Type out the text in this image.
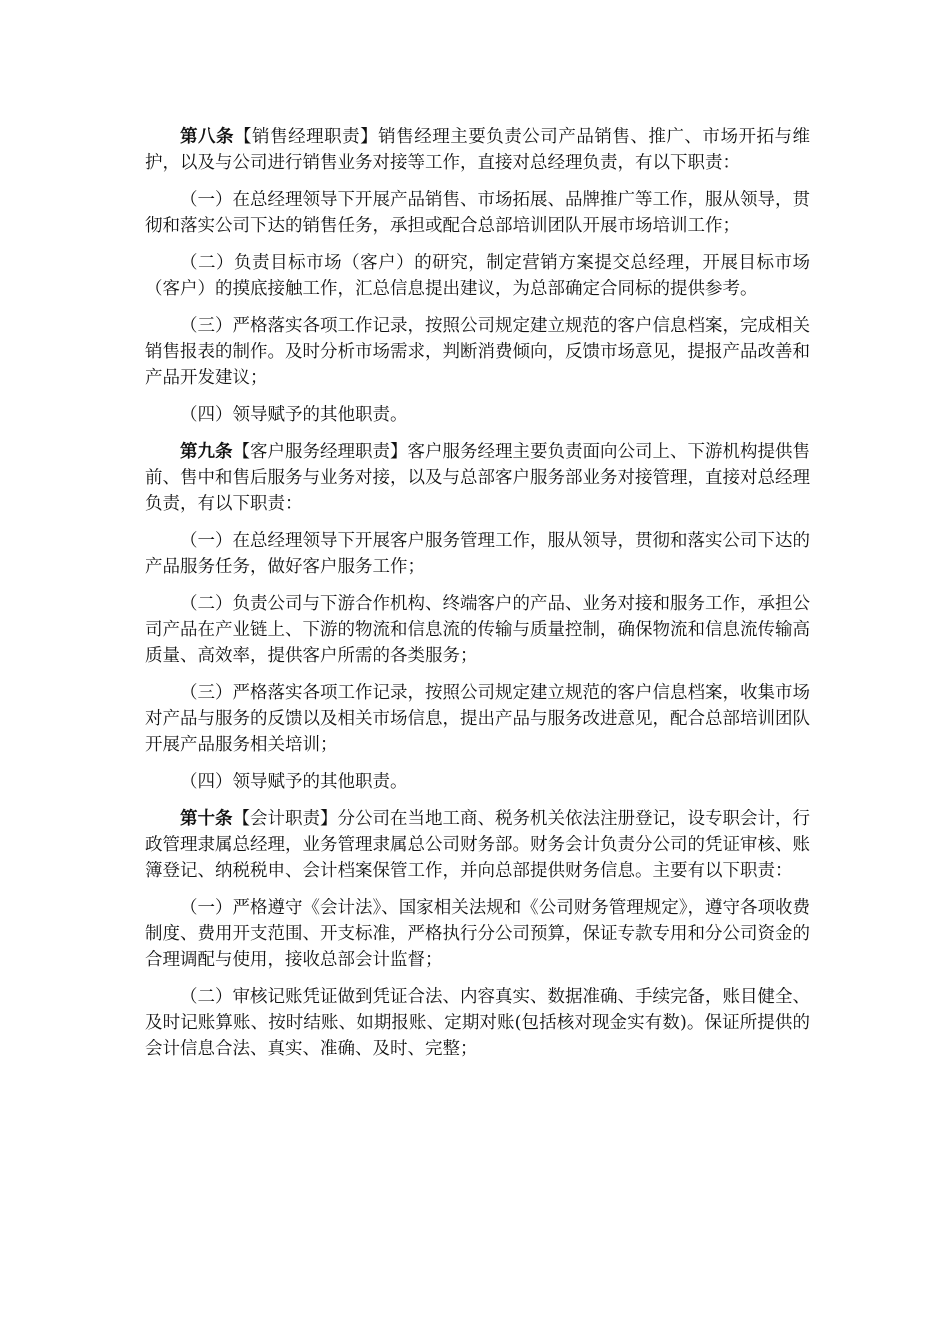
第八条【销售经理职责】销售经理主要负责公司产品销售、推广、市场开拓与维护，以及与公司进行销售业务对接等工作，直接对总经理负责，有以下职责：

（一）在总经理领导下开展产品销售、市场拓展、品牌推广等工作，服从领导，贯彻和落实公司下达的销售任务，承担或配合总部培训团队开展市场培训工作；

（二）负责目标市场（客户）的研究，制定营销方案提交总经理，开展目标市场（客户）的摸底接触工作，汇总信息提出建议，为总部确定合同标的提供参考。

（三）严格落实各项工作记录，按照公司规定建立规范的客户信息档案，完成相关销售报表的制作。及时分析市场需求，判断消费倾向，反馈市场意见，提报产品改善和产品开发建议；

（四）领导赋予的其他职责。

第九条【客户服务经理职责】客户服务经理主要负责面向公司上、下游机构提供售前、售中和售后服务与业务对接，以及与总部客户服务部业务对接管理，直接对总经理负责，有以下职责：

（一）在总经理领导下开展客户服务管理工作，服从领导，贯彻和落实公司下达的产品服务任务，做好客户服务工作；

（二）负责公司与下游合作机构、终端客户的产品、业务对接和服务工作，承担公司产品在产业链上、下游的物流和信息流的传输与质量控制，确保物流和信息流传输高质量、高效率，提供客户所需的各类服务；

（三）严格落实各项工作记录，按照公司规定建立规范的客户信息档案，收集市场对产品与服务的反馈以及相关市场信息，提出产品与服务改进意见，配合总部培训团队开展产品服务相关培训；

（四）领导赋予的其他职责。

第十条【会计职责】分公司在当地工商、税务机关依法注册登记，设专职会计，行政管理隶属总经理，业务管理隶属总公司财务部。财务会计负责分公司的凭证审核、账簿登记、纳税税申、会计档案保管工作，并向总部提供财务信息。主要有以下职责：

（一）严格遵守《会计法》、国家相关法规和《公司财务管理规定》，遵守各项收费制度、费用开支范围、开支标准，严格执行分公司预算，保证专款专用和分公司资金的合理调配与使用，接收总部会计监督；

（二）审核记账凭证做到凭证合法、内容真实、数据准确、手续完备，账目健全、及时记账算账、按时结账、如期报账、定期对账(包括核对现金实有数)。保证所提供的会计信息合法、真实、准确、及时、完整；
